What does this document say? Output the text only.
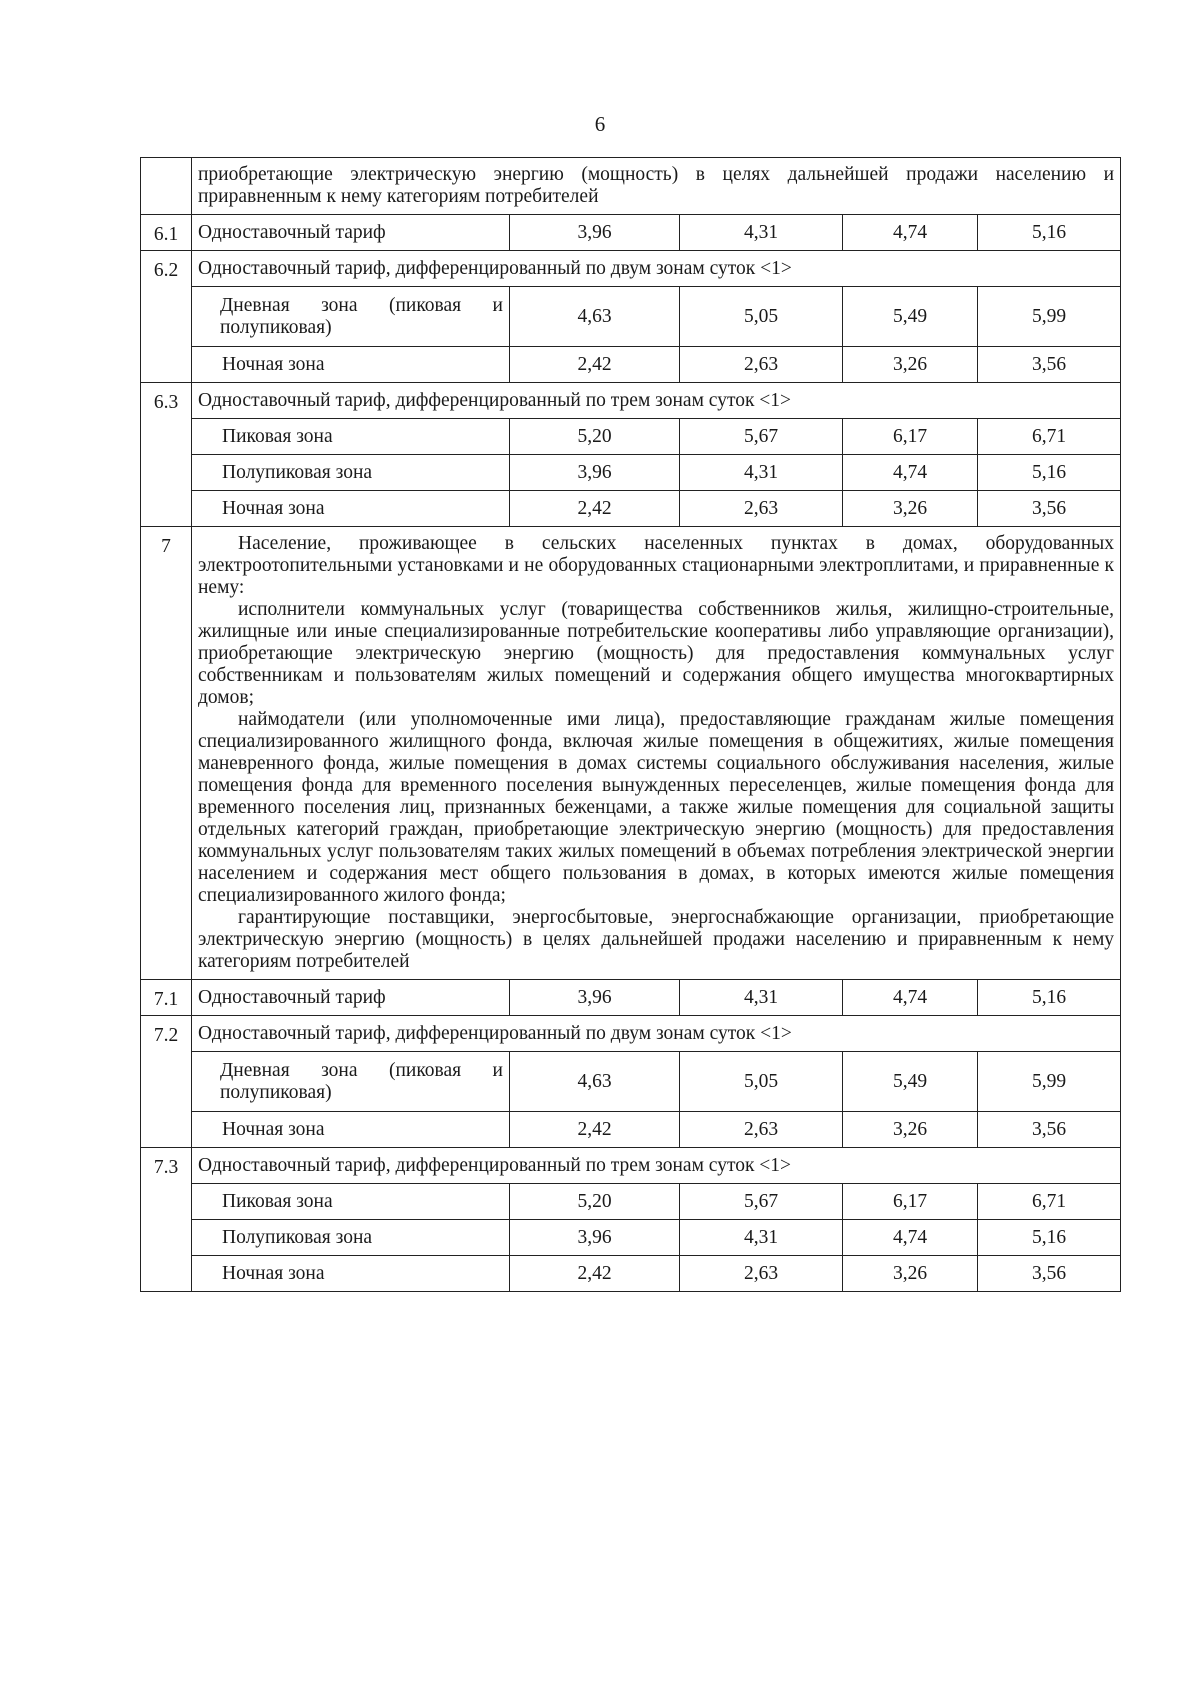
6
	приобретающие электрическую энергию (мощность) в целях дальнейшей продажи населению и приравненным к нему категориям потребителей				
6.1	Одноставочный тариф	3,96	4,31	4,74	5,16
6.2	Одноставочный тариф, дифференцированный по двум зонам суток <1>				
	Дневная зона (пиковая и полупиковая)	4,63	5,05	5,49	5,99
	Ночная зона	2,42	2,63	3,26	3,56
6.3	Одноставочный тариф, дифференцированный по трем зонам суток <1>				
	Пиковая зона	5,20	5,67	6,17	6,71
	Полупиковая зона	3,96	4,31	4,74	5,16
	Ночная зона	2,42	2,63	3,26	3,56
7	Население, проживающее в сельских населенных пунктах в домах, оборудованных электроотопительными установками и не оборудованных стационарными электроплитами, и приравненные к нему:

исполнители коммунальных услуг (товарищества собственников жилья, жилищно-строительные, жилищные или иные специализированные потребительские кооперативы либо управляющие организации), приобретающие электрическую энергию (мощность) для предоставления коммунальных услуг собственникам и пользователям жилых помещений и содержания общего имущества многоквартирных домов;

наймодатели (или уполномоченные ими лица), предоставляющие гражданам жилые помещения специализированного жилищного фонда, включая жилые помещения в общежитиях, жилые помещения маневренного фонда, жилые помещения в домах системы социального обслуживания населения, жилые помещения фонда для временного поселения вынужденных переселенцев, жилые помещения фонда для временного поселения лиц, признанных беженцами, а также жилые помещения для социальной защиты отдельных категорий граждан, приобретающие электрическую энергию (мощность) для предоставления коммунальных услуг пользователям таких жилых помещений в объемах потребления электрической энергии населением и содержания мест общего пользования в домах, в которых имеются жилые помещения специализированного жилого фонда;

гарантирующие поставщики, энергосбытовые, энергоснабжающие организации, приобретающие электрическую энергию (мощность) в целях дальнейшей продажи населению и приравненным к нему категориям потребителей				

7.1	Одноставочный тариф	3,96	4,31	4,74	5,16
7.2	Одноставочный тариф, дифференцированный по двум зонам суток <1>				
	Дневная зона (пиковая и полупиковая)	4,63	5,05	5,49	5,99
	Ночная зона	2,42	2,63	3,26	3,56
7.3	Одноставочный тариф, дифференцированный по трем зонам суток <1>				
	Пиковая зона	5,20	5,67	6,17	6,71
	Полупиковая зона	3,96	4,31	4,74	5,16
	Ночная зона	2,42	2,63	3,26	3,56
